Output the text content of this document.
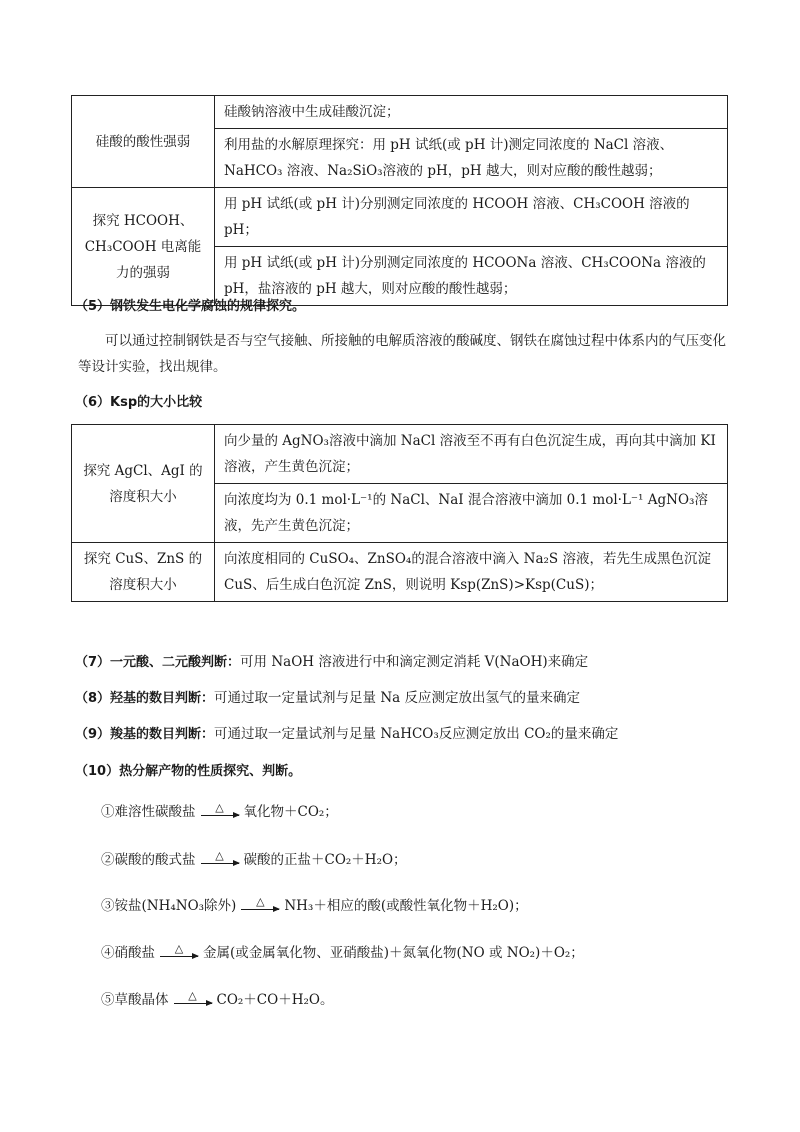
硅酸的酸性强弱	硅酸钠溶液中生成硅酸沉淀；
	利用盐的水解原理探究：用 pH 试纸(或 pH 计)测定同浓度的 NaCl 溶液、NaHCO₃ 溶液、Na₂SiO₃溶液的 pH，pH 越大，则对应酸的酸性越弱；
探究 HCOOH、CH₃COOH 电离能力的强弱	用 pH 试纸(或 pH 计)分别测定同浓度的 HCOOH 溶液、CH₃COOH 溶液的 pH；
	用 pH 试纸(或 pH 计)分别测定同浓度的 HCOONa 溶液、CH₃COONa 溶液的 pH，盐溶液的 pH 越大，则对应酸的酸性越弱；
（5）钢铁发生电化学腐蚀的规律探究。
可以通过控制钢铁是否与空气接触、所接触的电解质溶液的酸碱度、钢铁在腐蚀过程中体系内的气压变化等设计实验，找出规律。
（6）Ksp的大小比较
探究 AgCl、AgI 的溶度积大小	向少量的 AgNO₃溶液中滴加 NaCl 溶液至不再有白色沉淀生成，再向其中滴加 KI 溶液，产生黄色沉淀；
	向浓度均为 0.1 mol·L⁻¹的 NaCl、NaI 混合溶液中滴加 0.1 mol·L⁻¹ AgNO₃溶液，先产生黄色沉淀；
探究 CuS、ZnS 的溶度积大小	向浓度相同的 CuSO₄、ZnSO₄的混合溶液中滴入 Na₂S 溶液，若先生成黑色沉淀 CuS、后生成白色沉淀 ZnS，则说明 Ksp(ZnS)>Ksp(CuS)；
（7）一元酸、二元酸判断：可用 NaOH 溶液进行中和滴定测定消耗 V(NaOH)来确定
（8）羟基的数目判断：可通过取一定量试剂与足量 Na 反应测定放出氢气的量来确定
（9）羧基的数目判断：可通过取一定量试剂与足量 NaHCO₃反应测定放出 CO₂的量来确定
（10）热分解产物的性质探究、判断。
①难溶性碳酸盐 △ 氧化物＋CO₂；
②碳酸的酸式盐 △ 碳酸的正盐＋CO₂＋H₂O；
③铵盐(NH₄NO₃除外) △ NH₃＋相应的酸(或酸性氧化物＋H₂O)；
④硝酸盐 △ 金属(或金属氧化物、亚硝酸盐)＋氮氧化物(NO 或 NO₂)＋O₂；
⑤草酸晶体 △ CO₂＋CO＋H₂O。
